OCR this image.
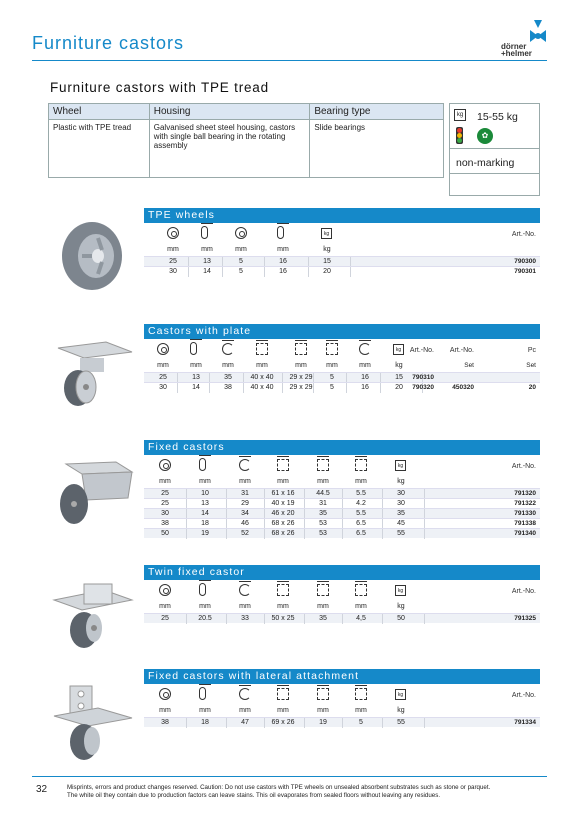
Furniture castors	dörner
+helmer
Furniture castors with TPE tread
Wheel	Housing	Bearing type
Plastic with TPE tread	Galvanised sheet steel housing, castors with single ball bearing in the rotating assembly	Slide bearings
kg 15-55 kg
✿
non-marking
TPE wheels
kg	Art.-No.
mm	mm	mm	mm	kg
25	13	5	16	15	790300
30	14	5	16	20	790301
Castors with plate
kg	Art.-No.	Art.-No.	Pc
mm	mm	mm	mm	mm	mm	mm	kg	Set	Set
25	13	35	40 x 40	29 x 29	5	16	15	790310
30	14	38	40 x 40	29 x 29	5	16	20	790320	450320	20
Fixed castors
kg	Art.-No.
mm	mm	mm	mm	mm	mm	kg
25	10	31	61 x 16	44.5	5.5	30	791320
25	13	29	40 x 19	31	4.2	30	791322
30	14	34	46 x 20	35	5.5	35	791330
38	18	46	68 x 26	53	6.5	45	791338
50	19	52	68 x 26	53	6.5	55	791340
Twin fixed castor
kg	Art.-No.
mm	mm	mm	mm	mm	mm	kg
25	20.5	33	50 x 25	35	4,5	50	791325
Fixed castors with lateral attachment
kg	Art.-No.
mm	mm	mm	mm	mm	mm	kg
38	18	47	69 x 26	19	5	55	791334
32	Misprints, errors and product changes reserved. Caution: Do not use castors with TPE wheels on unsealed absorbent substrates such as stone or parquet.
The white oil they contain due to production factors can leave stains. This oil evaporates from sealed floors without leaving any residues.
